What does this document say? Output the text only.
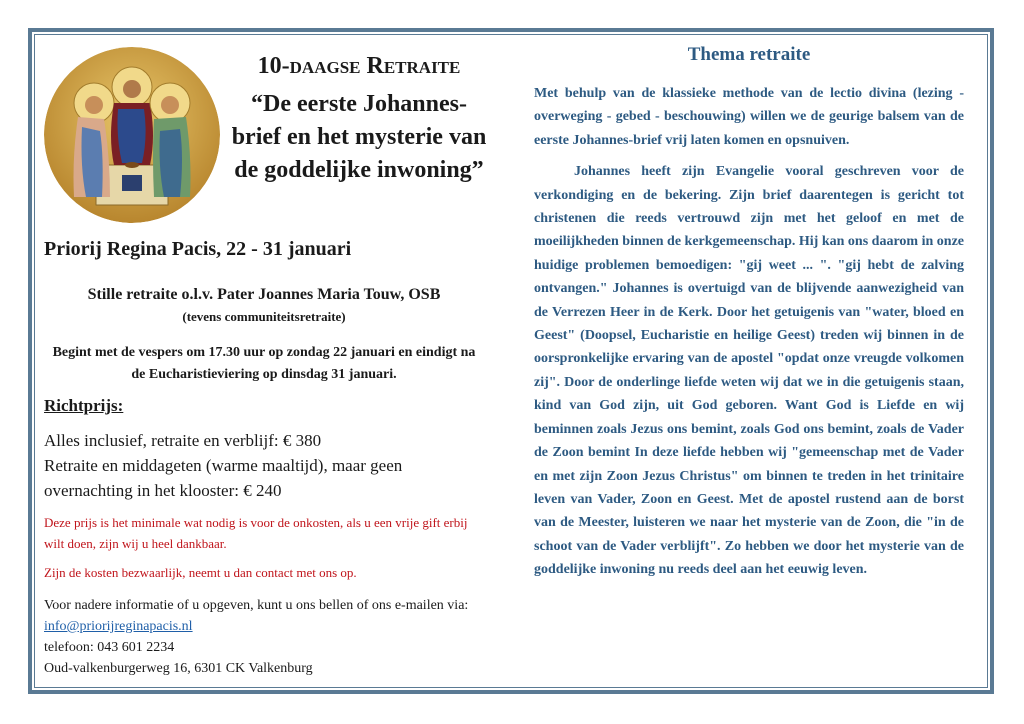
10-daagse Retraite
“De eerste Johannes-brief en het mysterie van de goddelijke inwoning”
Priorij Regina Pacis, 22 - 31 januari
Stille retraite o.l.v. Pater Joannes Maria Touw, OSB
(tevens communiteitsretraite)
Begint met de vespers om 17.30 uur op zondag 22 januari en eindigt na de Eucharistieviering op dinsdag 31 januari.
Richtprijs:
Alles inclusief, retraite en verblijf: € 380
Retraite en middageten (warme maaltijd), maar geen overnachting in het klooster: € 240
Deze prijs is het minimale wat nodig is voor de onkosten, als u een vrije gift erbij wilt doen, zijn wij u heel dankbaar.
Zijn de kosten bezwaarlijk, neemt u dan contact met ons op.
Voor nadere informatie of u opgeven, kunt u ons bellen of ons e-mailen via: info@priorijreginapacis.nl
telefoon: 043 601 2234
Oud-valkenburgerweg 16, 6301 CK Valkenburg
Thema retraite

Met behulp van de klassieke methode van de lectio divina (lezing - overweging - gebed - beschouwing) willen we de geurige balsem van de eerste Johannes-brief vrij laten komen en opsnuiven.

Johannes heeft zijn Evangelie vooral geschreven voor de verkondiging en de bekering. Zijn brief daarentegen is gericht tot christenen die reeds vertrouwd zijn met het geloof en met de moeilijkheden binnen de kerkgemeenschap. Hij kan ons daarom in onze huidige problemen bemoedigen: "gij weet ... ". "gij hebt de zalving ontvangen." Johannes is overtuigd van de blijvende aanwezigheid van de Verrezen Heer in de Kerk. Door het getuigenis van "water, bloed en Geest" (Doopsel, Eucharistie en heilige Geest) treden wij binnen in de oorspronkelijke ervaring van de apostel "opdat onze vreugde volkomen zij". Door de onderlinge liefde weten wij dat we in die getuigenis staan, kind van God zijn, uit God geboren. Want God is Liefde en wij beminnen zoals Jezus ons bemint, zoals God ons bemint, zoals de Vader de Zoon bemint In deze liefde hebben wij "gemeenschap met de Vader en met zijn Zoon Jezus Christus" om binnen te treden in het trinitaire leven van Vader, Zoon en Geest. Met de apostel rustend aan de borst van de Meester, luisteren we naar het mysterie van de Zoon, die "in de schoot van de Vader verblijft". Zo hebben we door het mysterie van de goddelijke inwoning nu reeds deel aan het eeuwig leven.
